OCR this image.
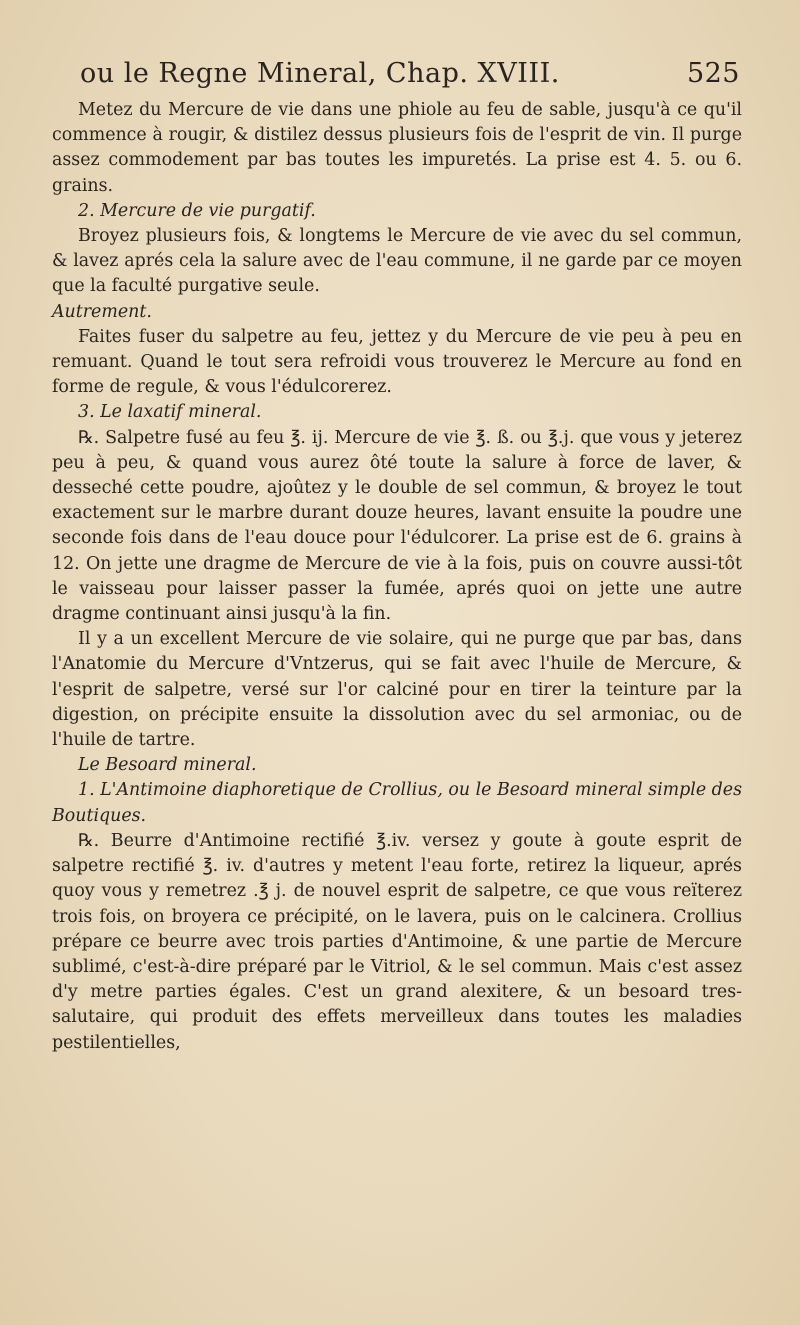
ou le Regne Mineral, Chap. XVIII.	525

Metez du Mercure de vie dans une phiole au feu de sable, jusqu'à ce qu'il commence à rougir, & distilez dessus plusieurs fois de l'esprit de vin. Il purge assez commodement par bas toutes les impuretés. La prise est 4. 5. ou 6. grains.

2. Mercure de vie purgatif.

Broyez plusieurs fois, & longtems le Mercure de vie avec du sel commun, & lavez aprés cela la salure avec de l'eau commune, il ne garde par ce moyen que la faculté purgative seule.

Autrement.

Faites fuser du salpetre au feu, jettez y du Mercure de vie peu à peu en remuant. Quand le tout sera refroidi vous trouverez le Mercure au fond en forme de regule, & vous l'édulcorerez.

3. Le laxatif mineral.

℞. Salpetre fusé au feu ℥. ij. Mercure de vie ℥. ß. ou ℥.j. que vous y jeterez peu à peu, & quand vous aurez ôté toute la salure à force de laver, & desseché cette poudre, ajoûtez y le double de sel commun, & broyez le tout exactement sur le marbre durant douze heures, lavant ensuite la poudre une seconde fois dans de l'eau douce pour l'édulcorer. La prise est de 6. grains à 12. On jette une dragme de Mercure de vie à la fois, puis on couvre aussi-tôt le vaisseau pour laisser passer la fumée, aprés quoi on jette une autre dragme continuant ainsi jusqu'à la fin.

Il y a un excellent Mercure de vie solaire, qui ne purge que par bas, dans l'Anatomie du Mercure d'Vntzerus, qui se fait avec l'huile de Mercure, & l'esprit de salpetre, versé sur l'or calciné pour en tirer la teinture par la digestion, on précipite ensuite la dissolution avec du sel armoniac, ou de l'huile de tartre.

Le Besoard mineral.

1. L'Antimoine diaphoretique de Crollius, ou le Besoard mineral simple des Boutiques.

℞. Beurre d'Antimoine rectifié ℥.iv. versez y goute à goute esprit de salpetre rectifié ℥. iv. d'autres y metent l'eau forte, retirez la liqueur, aprés quoy vous y remetrez .℥ j. de nouvel esprit de salpetre, ce que vous reïterez trois fois, on broyera ce précipité, on le lavera, puis on le calcinera. Crollius prépare ce beurre avec trois parties d'Antimoine, & une partie de Mercure sublimé, c'est-à-dire préparé par le Vitriol, & le sel commun. Mais c'est assez d'y metre parties égales. C'est un grand alexitere, & un besoard tres-salutaire, qui produit des effets merveilleux dans toutes les maladies pestilentielles,
